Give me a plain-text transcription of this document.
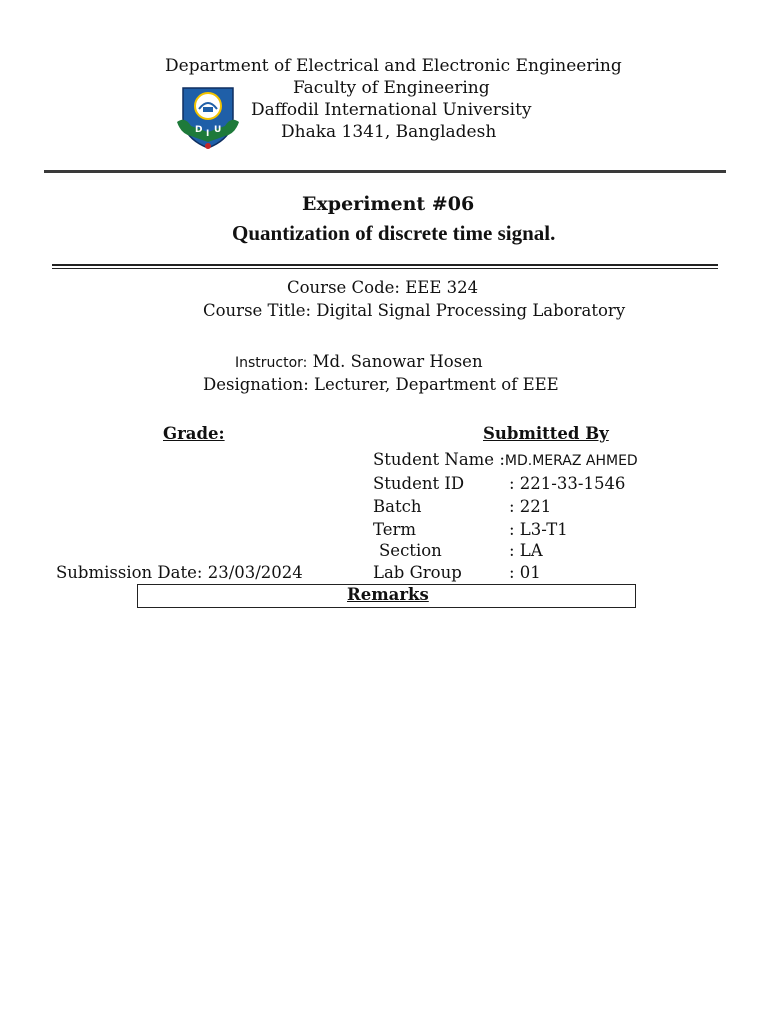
Department of Electrical and Electronic Engineering
Faculty of Engineering
Daffodil International University
Dhaka 1341, Bangladesh
D I U
Experiment #06
Quantization of discrete time signal.
Course Code: EEE 324
Course Title: Digital Signal Processing Laboratory
Instructor: Md. Sanowar Hosen
Designation: Lecturer, Department of EEE
Grade:	Submitted By
Student Name :MD.MERAZ AHMED
Student ID	: 221-33-1546
Batch	: 221
Term	: L3-T1
Section	: LA
Submission Date: 23/03/2024	Lab Group	: 01
Remarks
